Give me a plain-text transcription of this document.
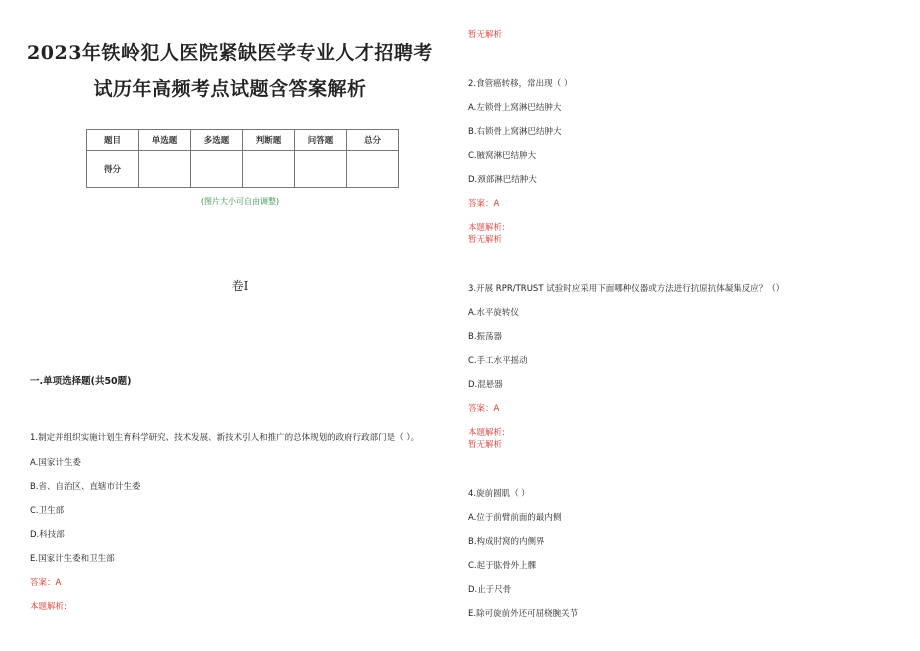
2023年铁岭犯人医院紧缺医学专业人才招聘考
试历年高频考点试题含答案解析
题目	单选题	多选题	判断题	问答题	总分
得分					
(图片大小可自由调整)
卷Ⅰ
一.单项选择题(共50题)
1.制定并组织实施计划生育科学研究、技术发展、新技术引人和推广的总体规划的政府行政部门是（ ）。
A.国家计生委
B.省、自治区、直辖市计生委
C.卫生部
D.科技部
E.国家计生委和卫生部
答案：A
本题解析:
暂无解析
2.食管癌转移，常出现（ ）
A.左锁骨上窝淋巴结肿大
B.右锁骨上窝淋巴结肿大
C.腋窝淋巴结肿大
D.颈部淋巴结肿大
答案：A
本题解析:
暂无解析
3.开展 RPR/TRUST 试验时应采用下面哪种仪器或方法进行抗原抗体凝集反应？（）
A.水平旋转仪
B.振荡器
C.手工水平摇动
D.混悬器
答案：A
本题解析:
暂无解析
4.旋前圆肌（ ）
A.位于前臂前面的最内侧
B.构成肘窝的内侧界
C.起于肱骨外上髁
D.止于尺骨
E.除可旋前外还可屈桡腕关节
